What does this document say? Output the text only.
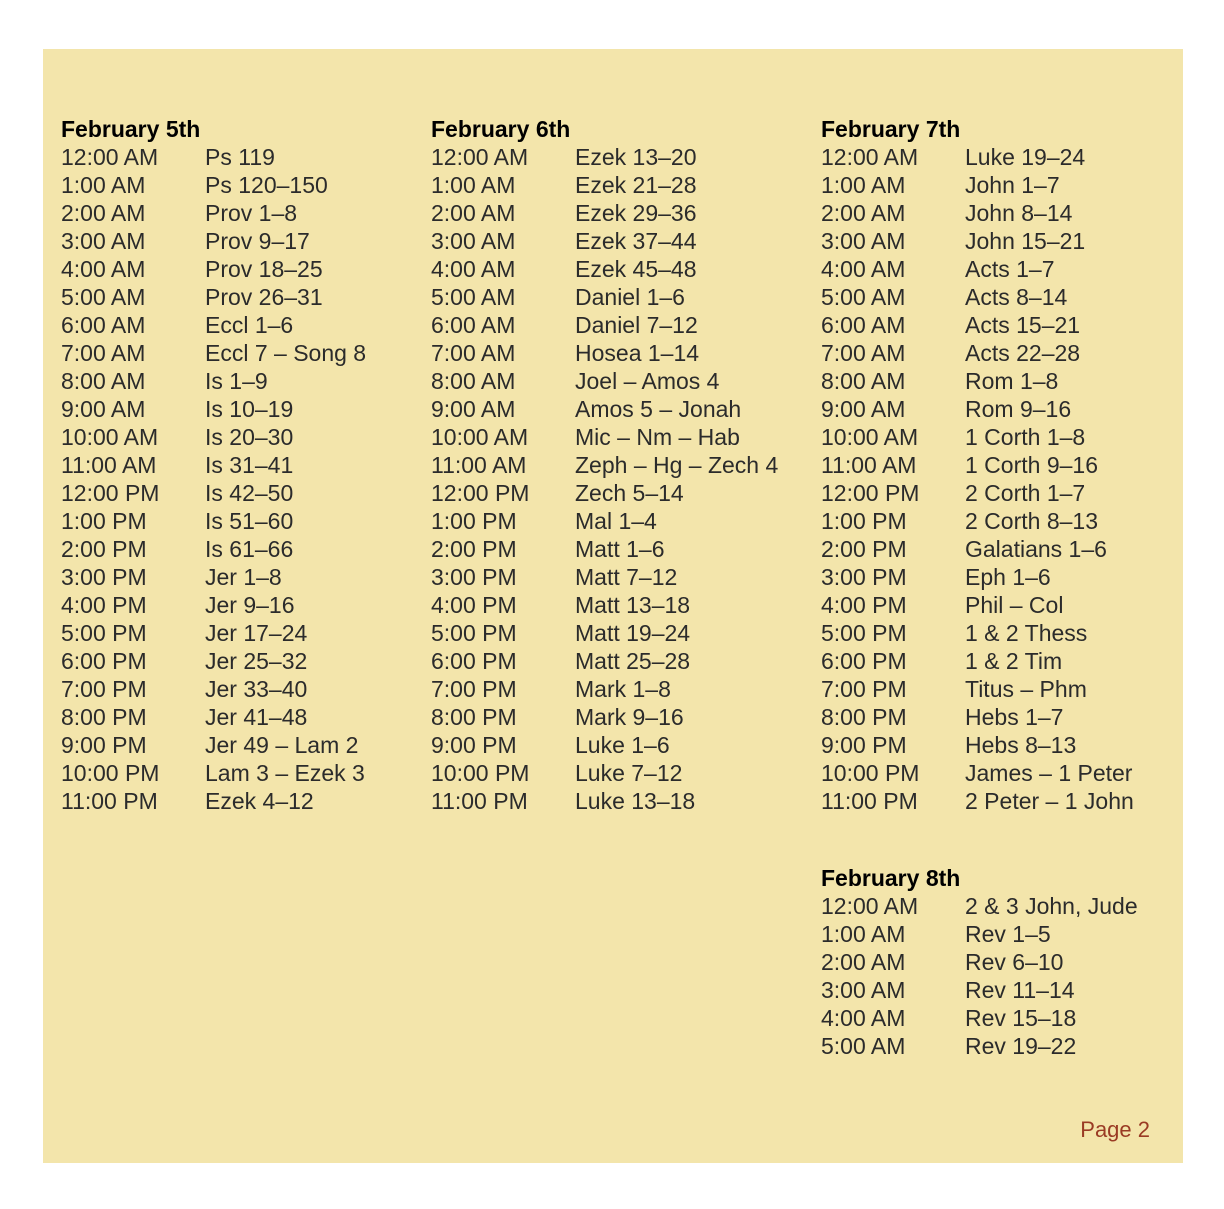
February 5th
12:00 AM	Ps 119
1:00 AM	Ps 120–150
2:00 AM	Prov 1–8
3:00 AM	Prov 9–17
4:00 AM	Prov 18–25
5:00 AM	Prov 26–31
6:00 AM	Eccl 1–6
7:00 AM	Eccl 7 – Song 8
8:00 AM	Is 1–9
9:00 AM	Is 10–19
10:00 AM	Is 20–30
11:00 AM	Is 31–41
12:00 PM	Is 42–50
1:00 PM	Is 51–60
2:00 PM	Is 61–66
3:00 PM	Jer 1–8
4:00 PM	Jer 9–16
5:00 PM	Jer 17–24
6:00 PM	Jer 25–32
7:00 PM	Jer 33–40
8:00 PM	Jer 41–48
9:00 PM	Jer 49 – Lam 2
10:00 PM	Lam 3 – Ezek 3
11:00 PM	Ezek 4–12
February 6th
12:00 AM	Ezek 13–20
1:00 AM	Ezek 21–28
2:00 AM	Ezek 29–36
3:00 AM	Ezek 37–44
4:00 AM	Ezek 45–48
5:00 AM	Daniel 1–6
6:00 AM	Daniel 7–12
7:00 AM	Hosea 1–14
8:00 AM	Joel – Amos 4
9:00 AM	Amos 5 – Jonah
10:00 AM	Mic – Nm – Hab
11:00 AM	Zeph – Hg – Zech 4
12:00 PM	Zech 5–14
1:00 PM	Mal 1–4
2:00 PM	Matt 1–6
3:00 PM	Matt 7–12
4:00 PM	Matt 13–18
5:00 PM	Matt 19–24
6:00 PM	Matt 25–28
7:00 PM	Mark 1–8
8:00 PM	Mark 9–16
9:00 PM	Luke 1–6
10:00 PM	Luke 7–12
11:00 PM	Luke 13–18
February 7th
12:00 AM	Luke 19–24
1:00 AM	John 1–7
2:00 AM	John 8–14
3:00 AM	John 15–21
4:00 AM	Acts 1–7
5:00 AM	Acts 8–14
6:00 AM	Acts 15–21
7:00 AM	Acts 22–28
8:00 AM	Rom 1–8
9:00 AM	Rom 9–16
10:00 AM	1 Corth 1–8
11:00 AM	1 Corth 9–16
12:00 PM	2 Corth 1–7
1:00 PM	2 Corth 8–13
2:00 PM	Galatians 1–6
3:00 PM	Eph 1–6
4:00 PM	Phil – Col
5:00 PM	1 & 2 Thess
6:00 PM	1 & 2 Tim
7:00 PM	Titus – Phm
8:00 PM	Hebs 1–7
9:00 PM	Hebs 8–13
10:00 PM	James – 1 Peter
11:00 PM	2 Peter – 1 John
February 8th
12:00 AM	2 & 3 John, Jude
1:00 AM	Rev 1–5
2:00 AM	Rev 6–10
3:00 AM	Rev 11–14
4:00 AM	Rev 15–18
5:00 AM	Rev 19–22
Page 2
